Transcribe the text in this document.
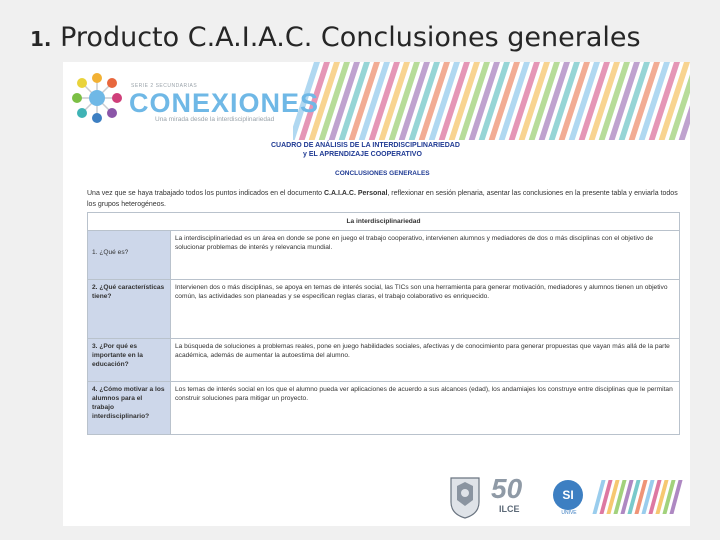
1. Producto C.A.I.A.C. Conclusiones generales
SERIE 2 SECUNDARIAS
CONEXIONES
Una mirada desde la interdisciplinariedad
CUADRO DE ANÁLISIS DE LA INTERDISCIPLINARIEDAD
y EL APRENDIZAJE COOPERATIVO
CONCLUSIONES GENERALES
Una vez que se haya trabajado todos los puntos indicados en el documento C.A.I.A.C. Personal, reflexionar en sesión plenaria, asentar las conclusiones en la presente tabla y enviarla todos los grupos heterogéneos.
La interdisciplinariedad	

1. ¿Qué es?	La interdisciplinariedad es un área en donde se pone en juego el trabajo cooperativo, intervienen alumnos y mediadores de dos o más disciplinas con el objetivo de solucionar problemas de interés y relevancia mundial.
2. ¿Qué características tiene?	Intervienen dos o más disciplinas, se apoya en temas de interés social, las TICs son una herramienta para generar motivación, mediadores y alumnos tienen un objetivo común, las actividades son planeadas y se especifican reglas claras, el trabajo colaborativo es enriquecido.
3. ¿Por qué es importante en la educación?	La búsqueda de soluciones a problemas reales, pone en juego habilidades sociales, afectivas y de conocimiento para generar propuestas que vayan más allá de la parte académica, además de aumentar la autoestima del alumno.
4. ¿Cómo motivar a los alumnos para el trabajo interdisciplinario?	Los temas de interés social en los que el alumno pueda ver aplicaciones de acuerdo a sus alcances (edad), los andamiajes los construye entre disciplinas que le permitan construir soluciones para mitigar un proyecto.
50
ILCE
SI
UNIVE
